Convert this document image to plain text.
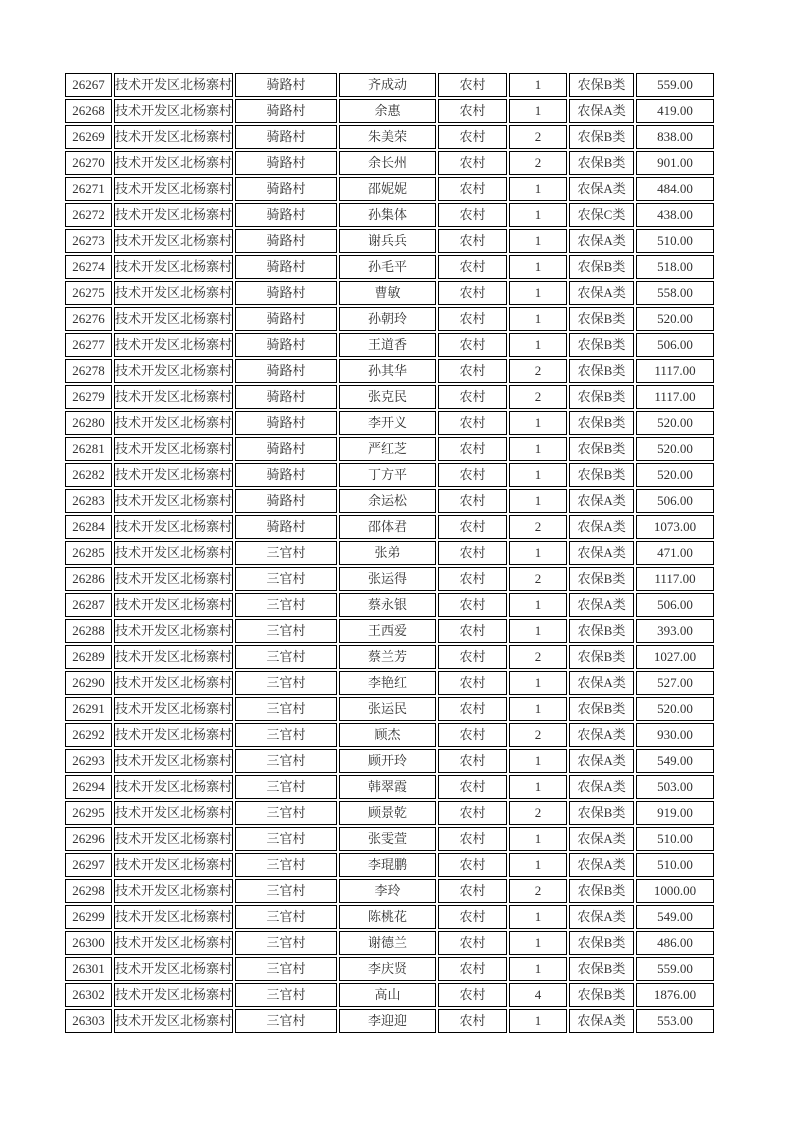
26267	技术开发区北杨寨村	骑路村	齐成动	农村	1	农保B类	559.00
26268	技术开发区北杨寨村	骑路村	余惠	农村	1	农保A类	419.00
26269	技术开发区北杨寨村	骑路村	朱美荣	农村	2	农保B类	838.00
26270	技术开发区北杨寨村	骑路村	余长州	农村	2	农保B类	901.00
26271	技术开发区北杨寨村	骑路村	邵妮妮	农村	1	农保A类	484.00
26272	技术开发区北杨寨村	骑路村	孙集体	农村	1	农保C类	438.00
26273	技术开发区北杨寨村	骑路村	谢兵兵	农村	1	农保A类	510.00
26274	技术开发区北杨寨村	骑路村	孙毛平	农村	1	农保B类	518.00
26275	技术开发区北杨寨村	骑路村	曹敏	农村	1	农保A类	558.00
26276	技术开发区北杨寨村	骑路村	孙朝玲	农村	1	农保B类	520.00
26277	技术开发区北杨寨村	骑路村	王道香	农村	1	农保B类	506.00
26278	技术开发区北杨寨村	骑路村	孙其华	农村	2	农保B类	1117.00
26279	技术开发区北杨寨村	骑路村	张克民	农村	2	农保B类	1117.00
26280	技术开发区北杨寨村	骑路村	李开义	农村	1	农保B类	520.00
26281	技术开发区北杨寨村	骑路村	严红芝	农村	1	农保B类	520.00
26282	技术开发区北杨寨村	骑路村	丁方平	农村	1	农保B类	520.00
26283	技术开发区北杨寨村	骑路村	余运松	农村	1	农保A类	506.00
26284	技术开发区北杨寨村	骑路村	邵体君	农村	2	农保A类	1073.00
26285	技术开发区北杨寨村	三官村	张弟	农村	1	农保A类	471.00
26286	技术开发区北杨寨村	三官村	张运得	农村	2	农保B类	1117.00
26287	技术开发区北杨寨村	三官村	蔡永银	农村	1	农保A类	506.00
26288	技术开发区北杨寨村	三官村	王西爱	农村	1	农保B类	393.00
26289	技术开发区北杨寨村	三官村	蔡兰芳	农村	2	农保B类	1027.00
26290	技术开发区北杨寨村	三官村	李艳红	农村	1	农保A类	527.00
26291	技术开发区北杨寨村	三官村	张运民	农村	1	农保B类	520.00
26292	技术开发区北杨寨村	三官村	顾杰	农村	2	农保A类	930.00
26293	技术开发区北杨寨村	三官村	顾开玲	农村	1	农保A类	549.00
26294	技术开发区北杨寨村	三官村	韩翠霞	农村	1	农保A类	503.00
26295	技术开发区北杨寨村	三官村	顾景乾	农村	2	农保B类	919.00
26296	技术开发区北杨寨村	三官村	张雯萱	农村	1	农保A类	510.00
26297	技术开发区北杨寨村	三官村	李琨鹏	农村	1	农保A类	510.00
26298	技术开发区北杨寨村	三官村	李玲	农村	2	农保B类	1000.00
26299	技术开发区北杨寨村	三官村	陈桃花	农村	1	农保A类	549.00
26300	技术开发区北杨寨村	三官村	谢德兰	农村	1	农保B类	486.00
26301	技术开发区北杨寨村	三官村	李庆贤	农村	1	农保B类	559.00
26302	技术开发区北杨寨村	三官村	高山	农村	4	农保B类	1876.00
26303	技术开发区北杨寨村	三官村	李迎迎	农村	1	农保A类	553.00
